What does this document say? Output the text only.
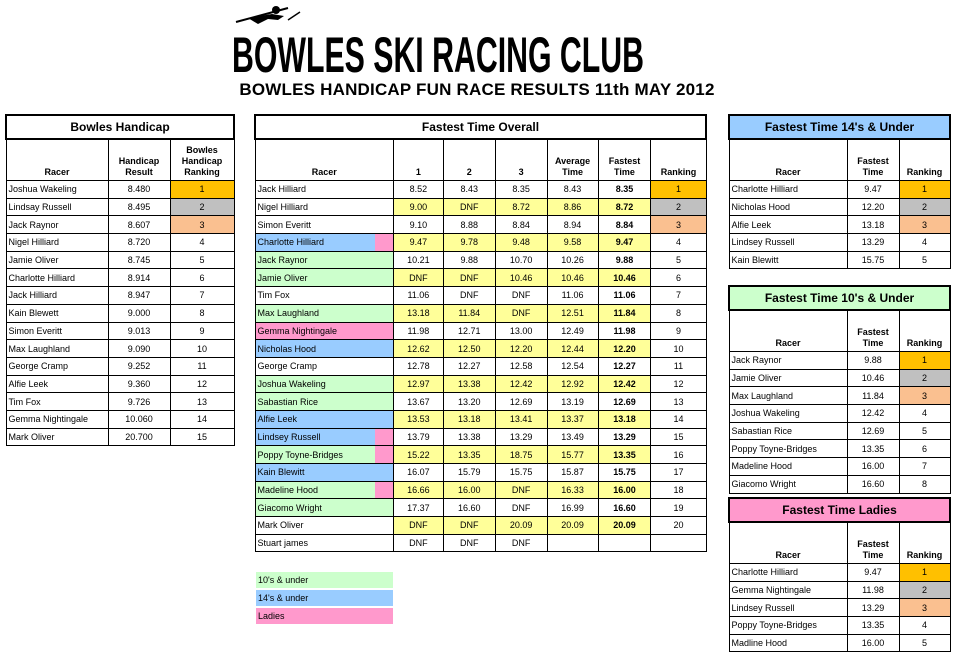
BOWLES SKI RACING CLUB
BOWLES HANDICAP FUN RACE RESULTS 11th MAY 2012
Bowles Handicap		
Racer	Handicap Result	Bowles Handicap Ranking
Joshua Wakeling	8.480	1
Lindsay Russell	8.495	2
Jack Raynor	8.607	3
Nigel Hilliard	8.720	4
Jamie Oliver	8.745	5
Charlotte Hilliard	8.914	6
Jack Hilliard	8.947	7
Kain Blewett	9.000	8
Simon Everitt	9.013	9
Max Laughland	9.090	10
George Cramp	9.252	11
Alfie Leek	9.360	12
Tim Fox	9.726	13
Gemma Nightingale	10.060	14
Mark Oliver	20.700	15
Fastest Time Overall						
Racer	1	2	3	Average Time	Fastest Time	Ranking
Jack Hilliard	8.52	8.43	8.35	8.43	8.35	1
Nigel Hilliard	9.00	DNF	8.72	8.86	8.72	2
Simon Everitt	9.10	8.88	8.84	8.94	8.84	3
Charlotte Hilliard	9.47	9.78	9.48	9.58	9.47	4
Jack Raynor	10.21	9.88	10.70	10.26	9.88	5
Jamie Oliver	DNF	DNF	10.46	10.46	10.46	6
Tim Fox	11.06	DNF	DNF	11.06	11.06	7
Max Laughland	13.18	11.84	DNF	12.51	11.84	8
Gemma Nightingale	11.98	12.71	13.00	12.49	11.98	9
Nicholas Hood	12.62	12.50	12.20	12.44	12.20	10
George Cramp	12.78	12.27	12.58	12.54	12.27	11
Joshua Wakeling	12.97	13.38	12.42	12.92	12.42	12
Sabastian Rice	13.67	13.20	12.69	13.19	12.69	13
Alfie Leek	13.53	13.18	13.41	13.37	13.18	14
Lindsey Russell	13.79	13.38	13.29	13.49	13.29	15
Poppy Toyne-Bridges	15.22	13.35	18.75	15.77	13.35	16
Kain Blewitt	16.07	15.79	15.75	15.87	15.75	17
Madeline Hood	16.66	16.00	DNF	16.33	16.00	18
Giacomo Wright	17.37	16.60	DNF	16.99	16.60	19
Mark Oliver	DNF	DNF	20.09	20.09	20.09	20
Stuart james	DNF	DNF	DNF			
Fastest Time 14's & Under		
Racer	Fastest Time	Ranking
Charlotte Hilliard	9.47	1
Nicholas Hood	12.20	2
Alfie Leek	13.18	3
Lindsey Russell	13.29	4
Kain Blewitt	15.75	5
Fastest Time 10's & Under		
Racer	Fastest Time	Ranking
Jack Raynor	9.88	1
Jamie Oliver	10.46	2
Max Laughland	11.84	3
Joshua Wakeling	12.42	4
Sabastian Rice	12.69	5
Poppy Toyne-Bridges	13.35	6
Madeline Hood	16.00	7
Giacomo Wright	16.60	8
Fastest Time Ladies		
Racer	Fastest Time	Ranking
Charlotte Hilliard	9.47	1
Gemma Nightingale	11.98	2
Lindsey Russell	13.29	3
Poppy Toyne-Bridges	13.35	4
Madline Hood	16.00	5
10's & under
14's & under
Ladies
